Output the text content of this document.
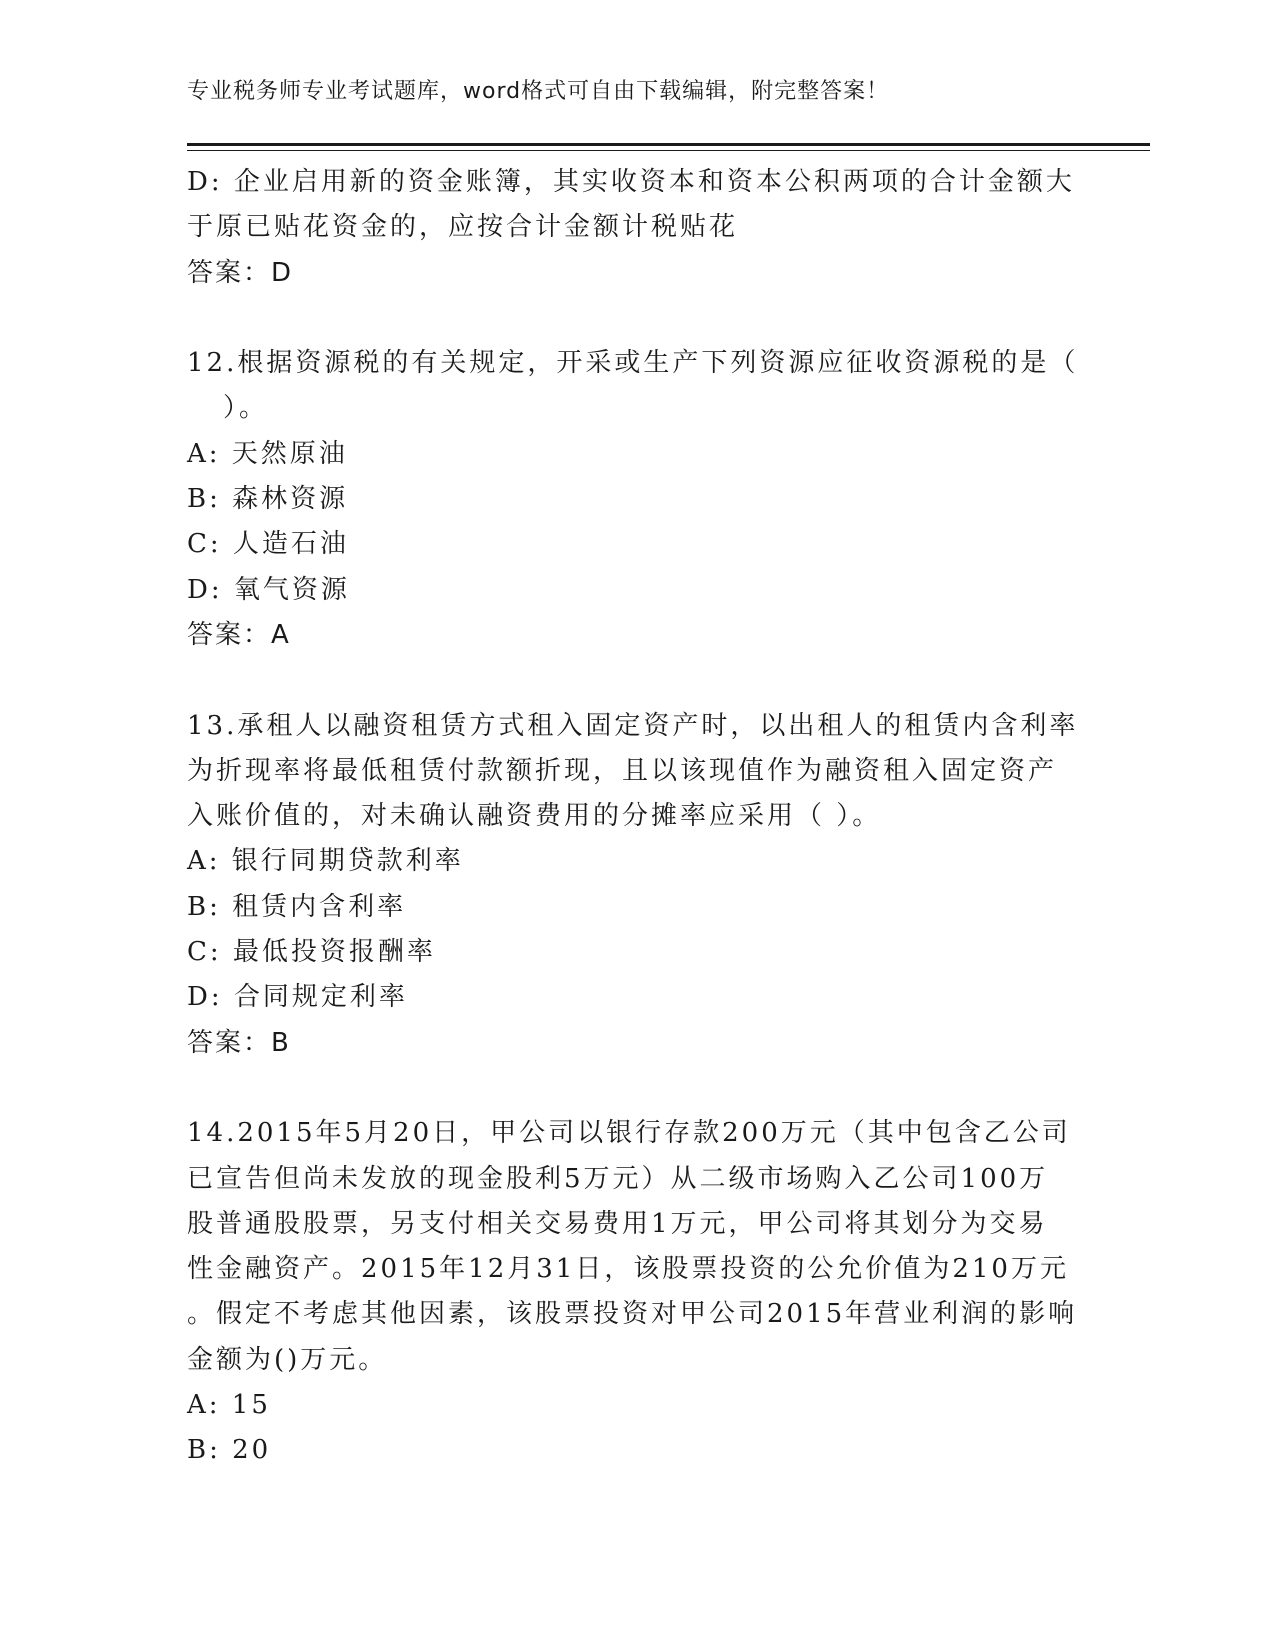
专业税务师专业考试题库，word格式可自由下载编辑，附完整答案！
D: 企业启用新的资金账簿，其实收资本和资本公积两项的合计金额大
于原已贴花资金的，应按合计金额计税贴花
答案：D
12.根据资源税的有关规定，开采或生产下列资源应征收资源税的是（
）。
A: 天然原油
B: 森林资源
C: 人造石油
D: 氧气资源
答案：A
13.承租人以融资租赁方式租入固定资产时，以出租人的租赁内含利率
为折现率将最低租赁付款额折现，且以该现值作为融资租入固定资产
入账价值的，对未确认融资费用的分摊率应采用（ ）。
A: 银行同期贷款利率
B: 租赁内含利率
C: 最低投资报酬率
D: 合同规定利率
答案：B
14.2015年5月20日，甲公司以银行存款200万元（其中包含乙公司
已宣告但尚未发放的现金股利5万元）从二级市场购入乙公司100万
股普通股股票，另支付相关交易费用1万元，甲公司将其划分为交易
性金融资产。2015年12月31日，该股票投资的公允价值为210万元
。假定不考虑其他因素，该股票投资对甲公司2015年营业利润的影响
金额为()万元。
A: 15
B: 20
